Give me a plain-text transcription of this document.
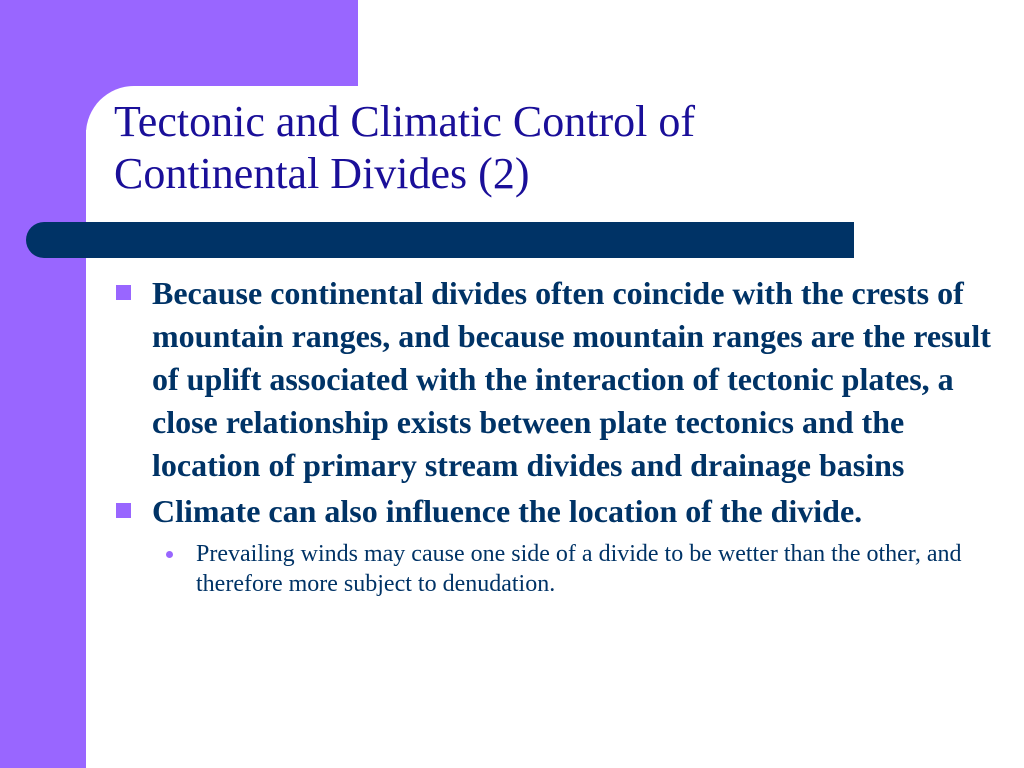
Tectonic and Climatic Control of
Continental Divides (2)
Because continental divides often coincide with the crests of mountain ranges, and because mountain ranges are the result of uplift associated with the interaction of tectonic plates, a close relationship exists between plate tectonics and the location of primary stream divides and drainage basins
Climate can also influence the location of the divide.
Prevailing winds may cause one side of a divide to be wetter than the other, and therefore more subject to denudation.
